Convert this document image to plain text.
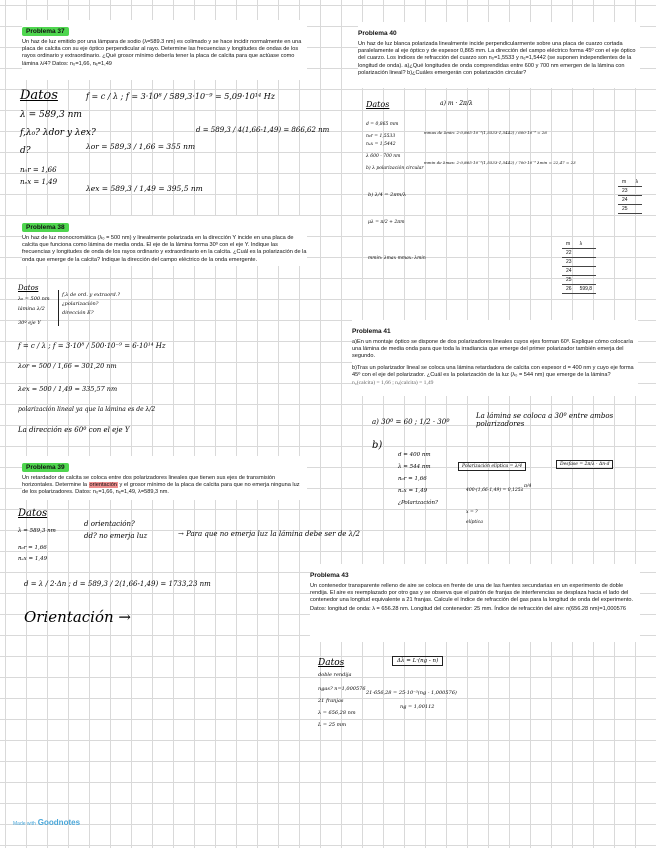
Problema 37

Un haz de luz emitido por una lámpara de sodio (λ=589.3 nm) es colimado y se hace incidir normalmente en una placa de calcita con su eje óptico perpendicular al rayo. Determine las frecuencias y longitudes de ondas de los rayos ordinario y extraordinario. ¿Qué grosor mínimo debería tener la placa de calcita para que actúase como lámina λ/4? Datos: n₀=1,66, nₑ=1,49

Datos
λ = 589,3 nm
f,λ₀? λdor y λex?
d?
n₀r = 1,66
nₑx = 1,49
f = c / λ ; f = 3·10⁸ / 589,3·10⁻⁹ = 5,09·10¹⁴ Hz
λor = 589,3 / 1,66 = 355 nm
λex = 589,3 / 1,49 = 395,5 nm
d = 589,3 / 4(1,66-1,49) = 866,62 nm
Problema 38

Un haz de luz monocromática (λ₀ = 500 nm) y linealmente polarizada en la dirección Y incide en una placa de calcita que funciona como lámina de media onda. El eje de la lámina forma 30º con el eje Y. Indique las frecuencias y longitudes de onda de los rayos ordinario y extraordinario en la calcita. ¿Cuál es la polarización de la onda que emerge de la calcita? Indique la dirección del campo eléctrico de la onda emergente.

Datos
λ₀ = 500 nm
lámina λ/2
30º eje Y
f,λ de ord. y extraord.?
¿polarización?
dirección E?
f = c / λ ; f = 3·10⁸ / 500·10⁻⁹ = 6·10¹⁴ Hz
λor = 500 / 1,66 = 301,20 nm
λex = 500 / 1,49 = 335,57 nm
polarización lineal ya que la lámina es de λ/2
La dirección es 60º con el eje Y
Problema 39

Un retardador de calcita se coloca entre dos polarizadores lineales que tienen sus ejes de transmisión horizontales. Determine la orientación y el grosor mínimo de la placa de calcita para que no emerja ninguna luz de los polarizadores. Datos: n₀=1,66, nₑ=1,49, λ=589,3 nm.

Datos
λ = 589,3 nm
n₀r = 1,66
nₑx = 1,49
d orientación?
dd? no emerja luz	→ Para que no emerja luz la lámina debe ser de λ/2
d = λ / 2·Δn ; d = 589,3 / 2(1,66-1,49) = 1733,23 nm
Orientación →
Problema 40

Un haz de luz blanca polarizada linealmente incide perpendicularmente sobre una placa de cuarzo cortada paralelamente al eje óptico y de espesor 0,865 mm. La dirección del campo eléctrico forma 45º con el eje óptico del cuarzo. Los índices de refracción del cuarzo son n₀=1,5533 y nₑ=1,5442 (se suponen independientes de la longitud de onda). a)¿Qué longitudes de onda comprendidas entre 600 y 700 nm emergen de la lámina con polarización lineal? b)¿Cuáles emergerán con polarización circular?

Datos
d = 0,865 mm
n₀r = 1,5533
nₑx = 1,5442
λ 600 - 700 nm
b) λ polarización circular
a) m · 2π/λ
mmax de λmin: 2·0,865·10⁻³(1,5533-1,5442) / 600·10⁻⁹ = 26
mmin de λmax: 2·0,865·10⁻³(1,5533-1,5442) / 700·10⁻⁹ λmin = 22,47 = 23
b) λ/4 = 2πm/λ
μλ = π/2 + 2πm
mmin: λmax mmax: λmin
m	λ
23	
24	
25	
m	λ
22	
23	
24	
25	
26	599,8
Problema 41

a)En un montaje óptico se dispone de dos polarizadores lineales cuyos ejes forman 60º. Explique cómo colocaría una lámina de media onda para que toda la irradiancia que emerge del primer polarizador también emerja del segundo.

b)Tras un polarizador lineal se coloca una lámina retardadora de calcita con espesor d = 400 nm y cuyo eje forma 45º con el eje del polarizador. ¿Cuál es la polarización de la luz (λ₀ = 544 nm) que emerge de la lámina?

n₀(calcita) = 1,66 ; nₑ(calcita) = 1,49

a) 30º = 60 ; 1/2 · 30º
La lámina se coloca a 30º entre ambos polarizadores
b)
d = 400 nm
λ = 544 nm
n₀r = 1,66
nₑx = 1,49
¿Polarización?
Polarización elíptica = λ/4	Desfase = 2π/λ · Δn·d
400·(1,66-1,49) = 0,125λ
π/4
x = ?
elíptica
Problema 43

Un contenedor transparente relleno de aire se coloca en frente de una de las fuentes secundarias en un experimento de doble rendija. El aire es reemplazado por otro gas y se observa que el patrón de franjas de interferencias se desplaza hacia el lado del contenedor una longitud equivalente a 21 franjas. Calcule el índice de refracción del gas para la longitud de onda del experimento.

Datos: longitud de onda: λ = 656.28 nm. Longitud del contenedor: 25 mm. Índice de refracción del aire: n(656.28 nm)=1,000576

Datos
doble rendija
ngas? n=1,000576
21 franjas
λ = 656,28 nm
L = 25 mm
Δλ = L·(ng - n)
21·656,28 = 25·10⁻³(ng - 1,000576)
ng = 1,00112
Made with Goodnotes
